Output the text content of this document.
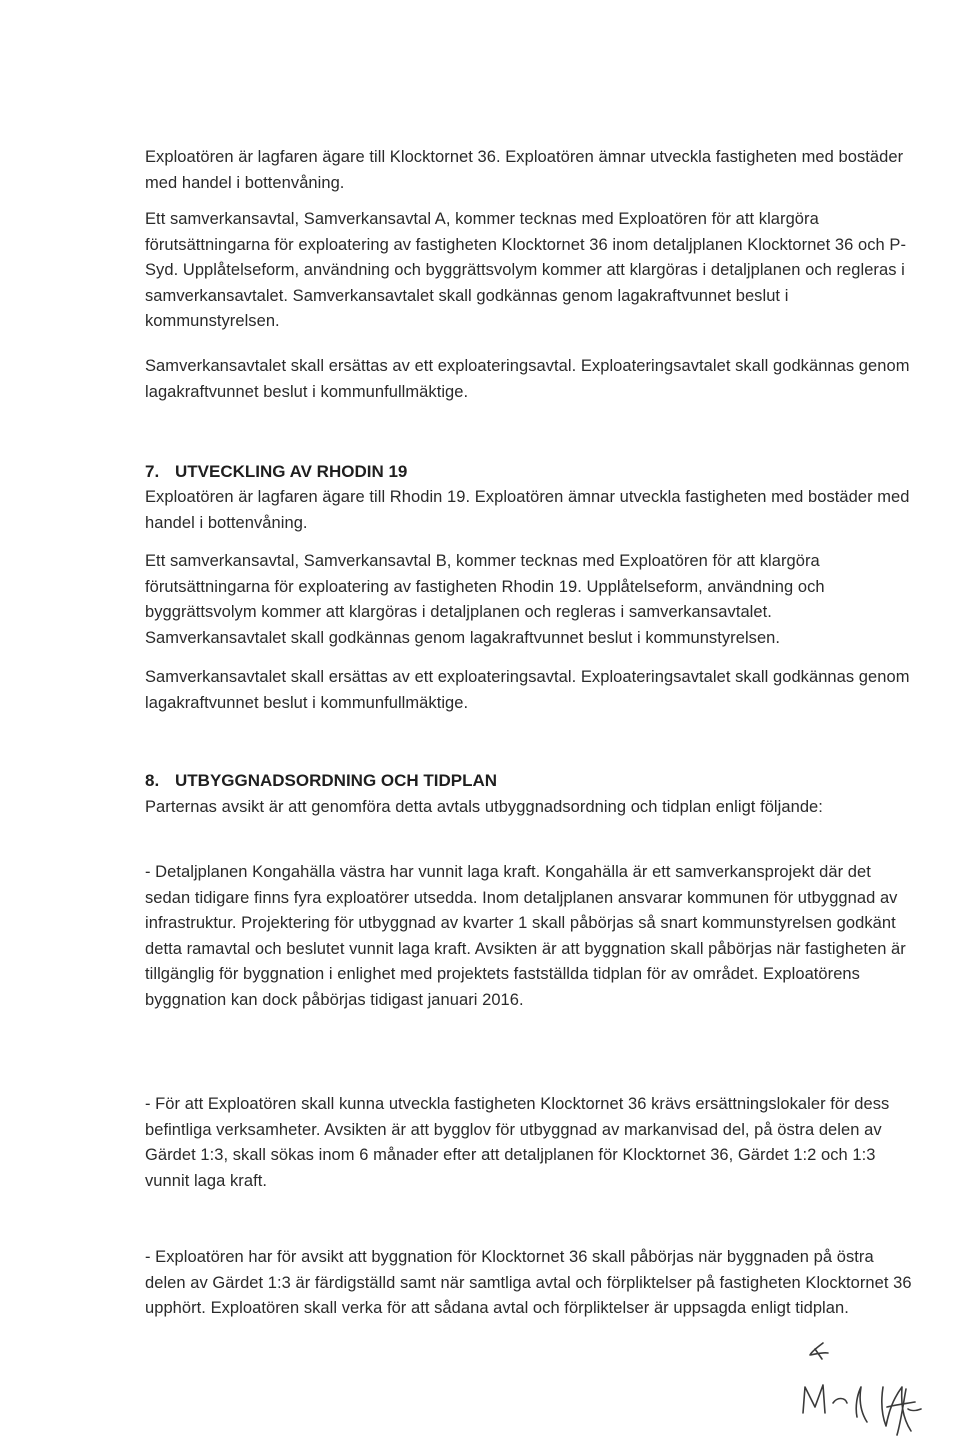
Exploatören är lagfaren ägare till Klocktornet 36. Exploatören ämnar utveckla fastigheten med bostäder med handel i bottenvåning.

Ett samverkansavtal, Samverkansavtal A, kommer tecknas med Exploatören för att klargöra förutsättningarna för exploatering av fastigheten Klocktornet 36 inom detaljplanen Klocktornet 36 och P-Syd. Upplåtelseform, användning och byggrättsvolym kommer att klargöras i detaljplanen och regleras i samverkansavtalet. Samverkansavtalet skall godkännas genom lagakraftvunnet beslut i kommunstyrelsen.

Samverkansavtalet skall ersättas av ett exploateringsavtal. Exploateringsavtalet skall godkännas genom lagakraftvunnet beslut i kommunfullmäktige.

7. UTVECKLING AV RHODIN 19

Exploatören är lagfaren ägare till Rhodin 19. Exploatören ämnar utveckla fastigheten med bostäder med handel i bottenvåning.

Ett samverkansavtal, Samverkansavtal B, kommer tecknas med Exploatören för att klargöra förutsättningarna för exploatering av fastigheten Rhodin 19. Upplåtelseform, användning och byggrättsvolym kommer att klargöras i detaljplanen och regleras i samverkansavtalet. Samverkansavtalet skall godkännas genom lagakraftvunnet beslut i kommunstyrelsen.

Samverkansavtalet skall ersättas av ett exploateringsavtal. Exploateringsavtalet skall godkännas genom lagakraftvunnet beslut i kommunfullmäktige.

8. UTBYGGNADSORDNING OCH TIDPLAN

Parternas avsikt är att genomföra detta avtals utbyggnadsordning och tidplan enligt följande:

- Detaljplanen Kongahälla västra har vunnit laga kraft. Kongahälla är ett samverkansprojekt där det sedan tidigare finns fyra exploatörer utsedda. Inom detaljplanen ansvarar kommunen för utbyggnad av infrastruktur. Projektering för utbyggnad av kvarter 1 skall påbörjas så snart kommunstyrelsen godkänt detta ramavtal och beslutet vunnit laga kraft. Avsikten är att byggnation skall påbörjas när fastigheten är tillgänglig för byggnation i enlighet med projektets fastställda tidplan för av området. Exploatörens byggnation kan dock påbörjas tidigast januari 2016.

- För att Exploatören skall kunna utveckla fastigheten Klocktornet 36 krävs ersättningslokaler för dess befintliga verksamheter. Avsikten är att bygglov för utbyggnad av markanvisad del, på östra delen av Gärdet 1:3, skall sökas inom 6 månader efter att detaljplanen för Klocktornet 36, Gärdet 1:2 och 1:3 vunnit laga kraft.

- Exploatören har för avsikt att byggnation för Klocktornet 36 skall påbörjas när byggnaden på östra delen av Gärdet 1:3 är färdigställd samt när samtliga avtal och förpliktelser på fastigheten Klocktornet 36 upphört. Exploatören skall verka för att sådana avtal och förpliktelser är uppsagda enligt tidplan.
